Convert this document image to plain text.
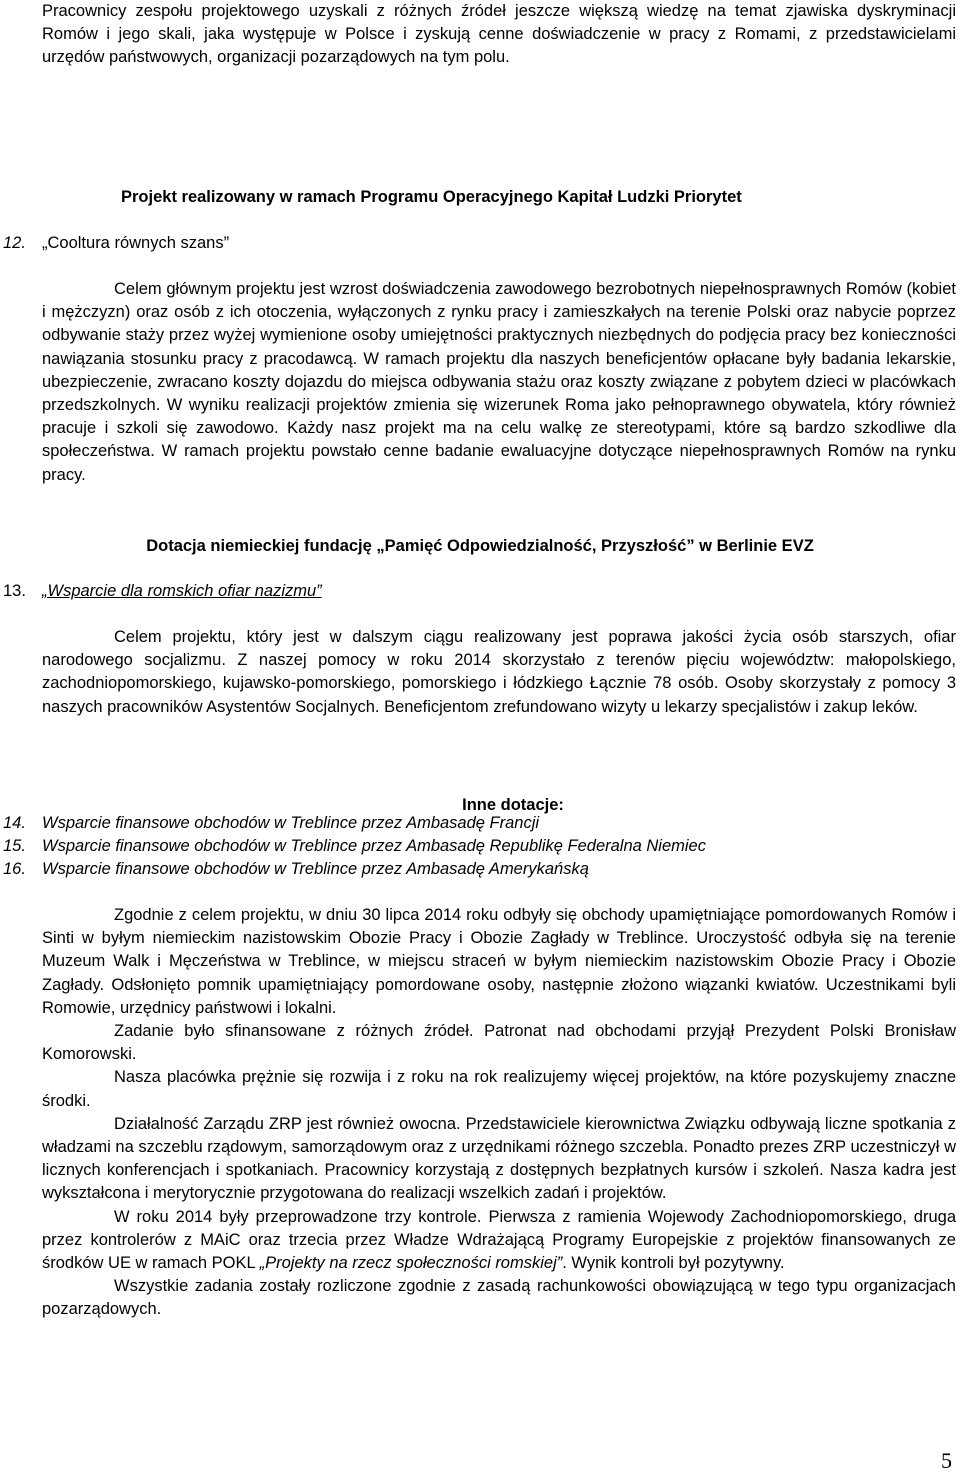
Pracownicy zespołu projektowego uzyskali z różnych źródeł jeszcze większą wiedzę na temat zjawiska dyskryminacji Romów i jego skali, jaka występuje w Polsce i zyskują cenne doświadczenie w pracy z Romami, z przedstawicielami urzędów państwowych, organizacji pozarządowych na tym polu.

Projekt realizowany w ramach Programu Operacyjnego Kapitał Ludzki Priorytet

12. „Cooltura równych szans”

Celem głównym projektu jest wzrost doświadczenia zawodowego bezrobotnych niepełnosprawnych Romów (kobiet i mężczyzn) oraz osób z ich otoczenia, wyłączonych z rynku pracy i zamieszkałych na terenie Polski oraz nabycie poprzez odbywanie staży przez wyżej wymienione osoby umiejętności praktycznych niezbędnych do podjęcia pracy bez konieczności nawiązania stosunku pracy z pracodawcą. W ramach projektu dla naszych beneficjentów opłacane były badania lekarskie, ubezpieczenie, zwracano koszty dojazdu do miejsca odbywania stażu oraz koszty związane z pobytem dzieci w placówkach przedszkolnych. W wyniku realizacji projektów zmienia się wizerunek Roma jako pełnoprawnego obywatela, który również pracuje i szkoli się zawodowo. Każdy nasz projekt ma na celu walkę ze stereotypami, które są bardzo szkodliwe dla społeczeństwa. W ramach projektu powstało cenne badanie ewaluacyjne dotyczące niepełnosprawnych Romów na rynku pracy.

Dotacja niemieckiej fundację „Pamięć Odpowiedzialność, Przyszłość” w Berlinie EVZ

13. „Wsparcie dla romskich ofiar nazizmu”

Celem projektu, który jest w dalszym ciągu realizowany jest poprawa jakości życia osób starszych, ofiar narodowego socjalizmu. Z naszej pomocy w roku 2014 skorzystało z terenów pięciu województw: małopolskiego, zachodniopomorskiego, kujawsko-pomorskiego, pomorskiego i łódzkiego Łącznie 78 osób. Osoby skorzystały z pomocy 3 naszych pracowników Asystentów Socjalnych. Beneficjentom zrefundowano wizyty u lekarzy specjalistów i zakup leków.

Inne dotacje:

14. Wsparcie finansowe obchodów w Treblince przez Ambasadę Francji
15. Wsparcie finansowe obchodów w Treblince przez Ambasadę Republikę Federalna Niemiec
16. Wsparcie finansowe obchodów w Treblince przez Ambasadę Amerykańską

Zgodnie z celem projektu, w dniu 30 lipca 2014 roku odbyły się obchody upamiętniające pomordowanych Romów i Sinti w byłym niemieckim nazistowskim Obozie Pracy i Obozie Zagłady w Treblince. Uroczystość odbyła się na terenie Muzeum Walk i Męczeństwa w Treblince, w miejscu straceń w byłym niemieckim nazistowskim Obozie Pracy i Obozie Zagłady. Odsłonięto pomnik upamiętniający pomordowane osoby, następnie złożono wiązanki kwiatów. Uczestnikami byli Romowie, urzędnicy państwowi i lokalni.

Zadanie było sfinansowane z różnych źródeł. Patronat nad obchodami przyjął Prezydent Polski Bronisław Komorowski.

Nasza placówka prężnie się rozwija i z roku na rok realizujemy więcej projektów, na które pozyskujemy znaczne środki.

Działalność Zarządu ZRP jest również owocna. Przedstawiciele kierownictwa Związku odbywają liczne spotkania z władzami na szczeblu rządowym, samorządowym oraz z urzędnikami różnego szczebla. Ponadto prezes ZRP uczestniczył w licznych konferencjach i spotkaniach. Pracownicy korzystają z dostępnych bezpłatnych kursów i szkoleń. Nasza kadra jest wykształcona i merytorycznie przygotowana do realizacji wszelkich zadań i projektów.

W roku 2014 były przeprowadzone trzy kontrole. Pierwsza z ramienia Wojewody Zachodniopomorskiego, druga przez kontrolerów z MAiC oraz trzecia przez Władze Wdrażającą Programy Europejskie z projektów finansowanych ze środków UE w ramach POKL „Projekty na rzecz społeczności romskiej”. Wynik kontroli był pozytywny.

Wszystkie zadania zostały rozliczone zgodnie z zasadą rachunkowości obowiązującą w tego typu organizacjach pozarządowych.

5
